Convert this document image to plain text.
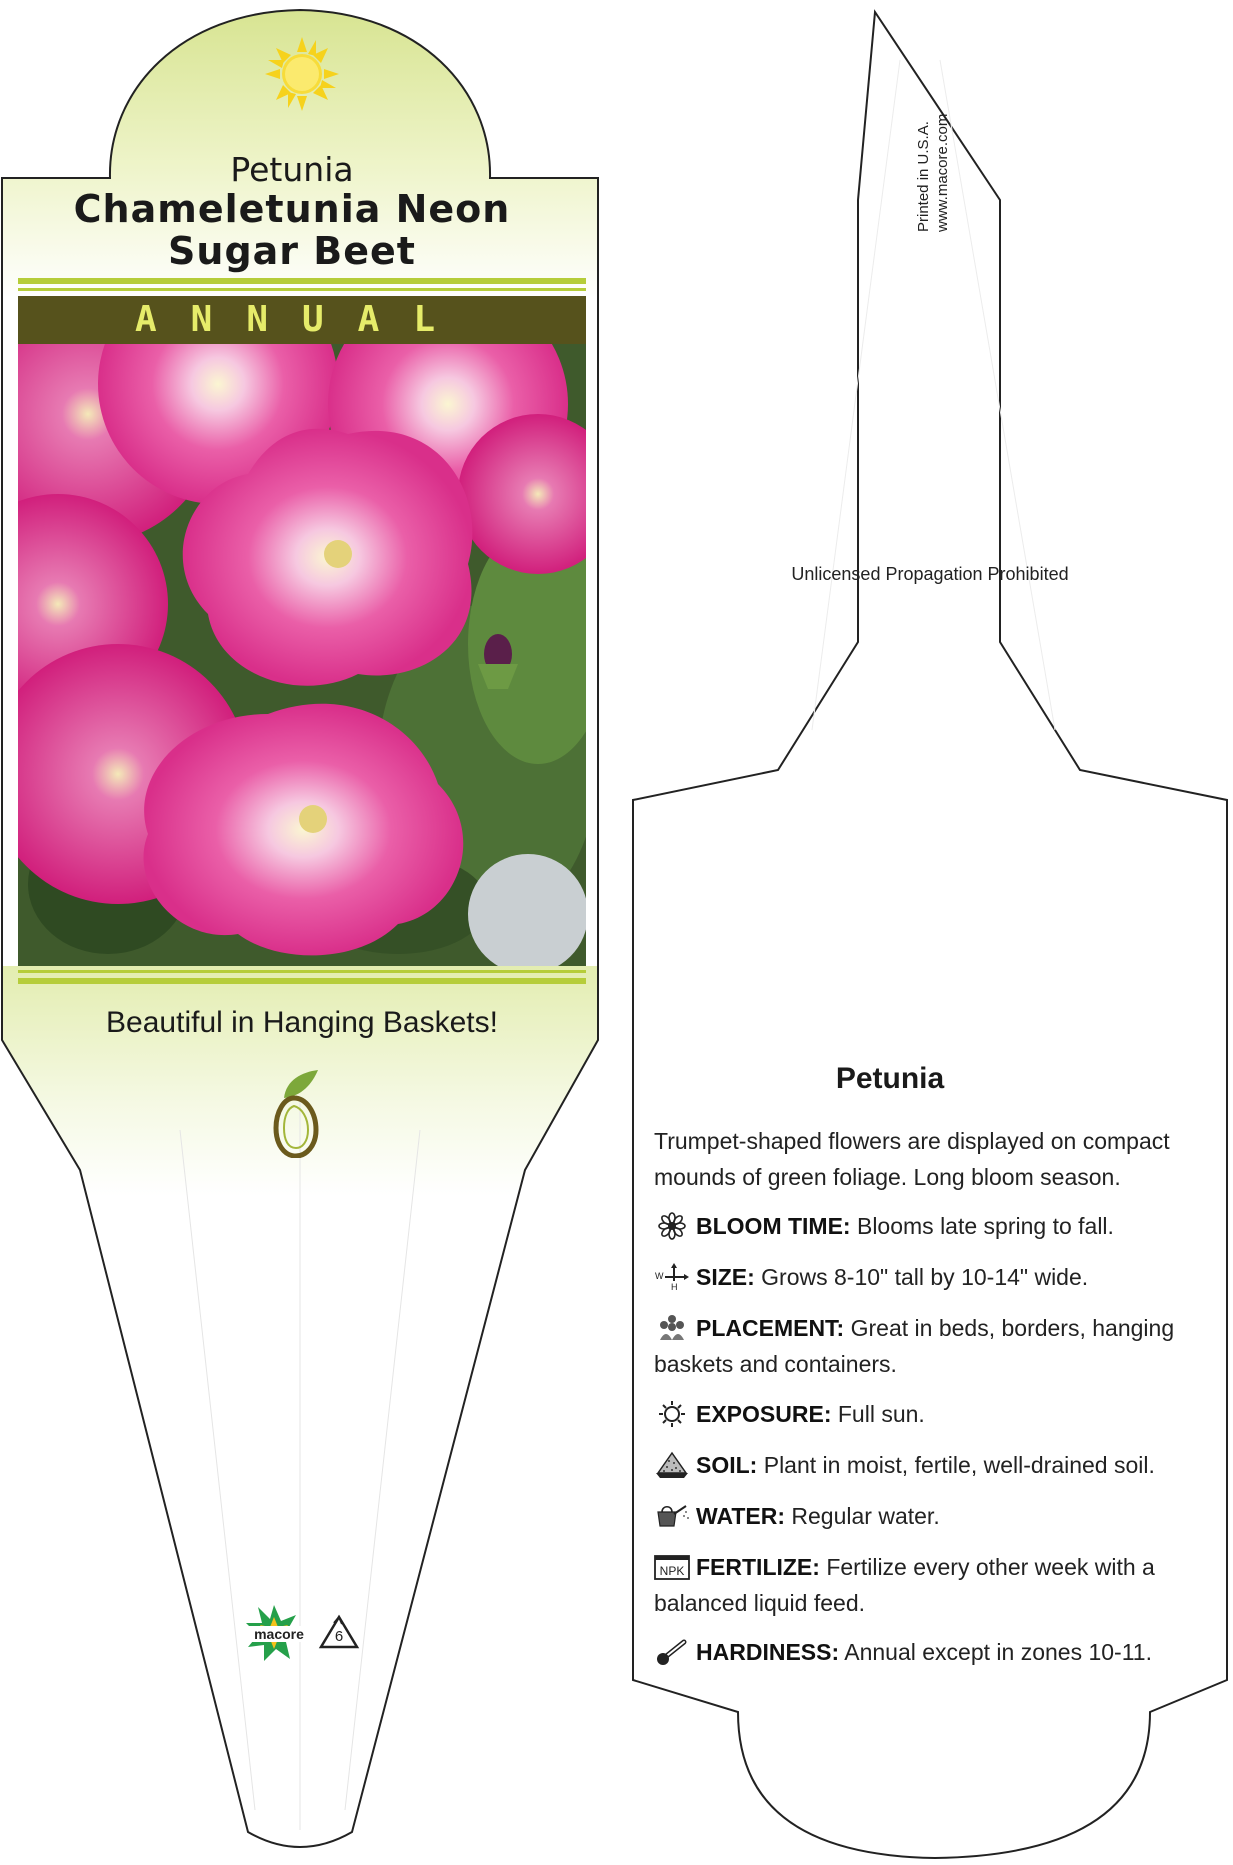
Petunia
Chameletunia Neon
Sugar Beet
ANNUAL
Beautiful in Hanging Baskets!
macore	6
Printed in U.S.A. www.macore.com
Unlicensed Propagation Prohibited
Petunia
Trumpet-shaped flowers are displayed on compact mounds of green foliage. Long bloom season.
BLOOM TIME: Blooms late spring to fall.
W
H SIZE: Grows 8-10" tall by 10-14" wide.
PLACEMENT: Great in beds, borders, hanging baskets and containers.
EXPOSURE: Full sun.
SOIL: Plant in moist, fertile, well-drained soil.
WATER: Regular water.
NPK FERTILIZE: Fertilize every other week with a balanced liquid feed.
HARDINESS: Annual except in zones 10-11.
